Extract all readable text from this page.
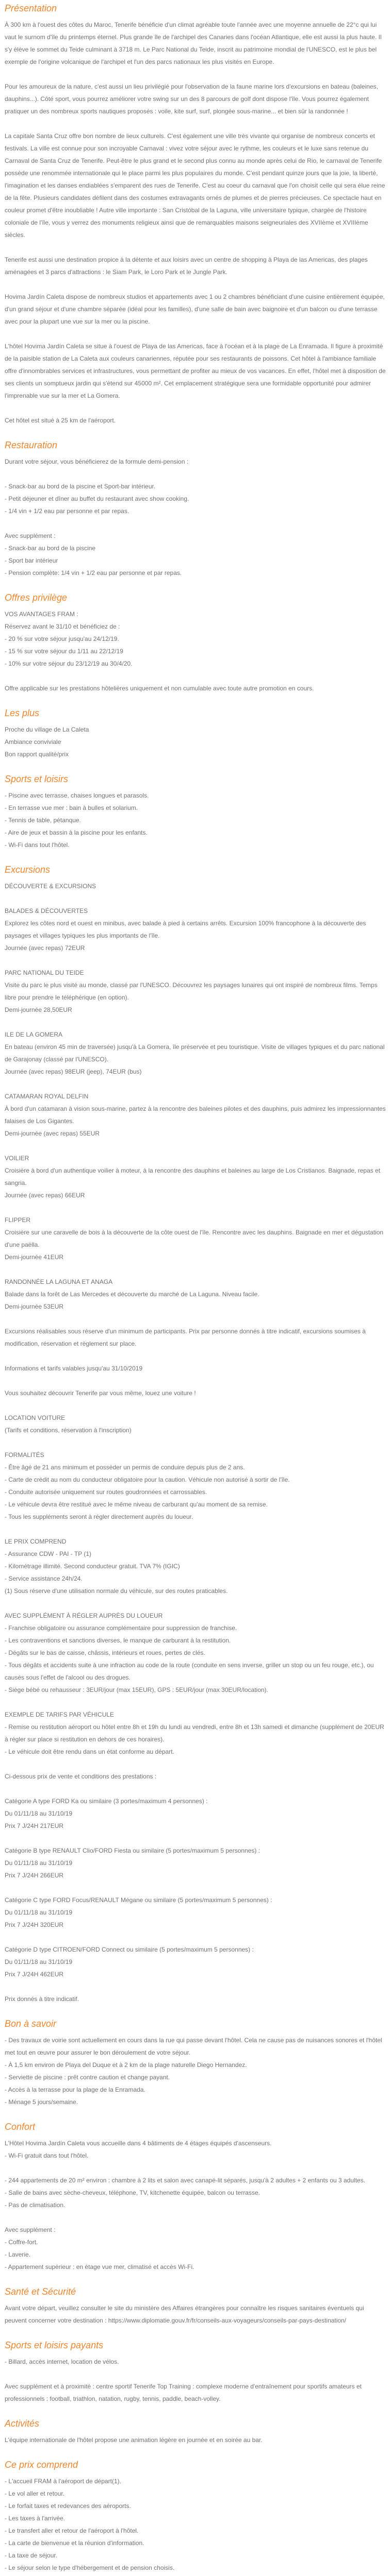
Présentation

À 300 km à l'ouest des côtes du Maroc, Tenerife bénéficie d'un climat agréable toute l'année avec une moyenne annuelle de 22°c qui lui vaut le surnom d'île du printemps éternel. Plus grande île de l'archipel des Canaries dans l'océan Atlantique, elle est aussi la plus haute. Il s'y élève le sommet du Teide culminant à 3718 m. Le Parc National du Teide, inscrit au patrimoine mondial de l'UNESCO, est le plus bel exemple de l'origine volcanique de l'archipel et l'un des parcs nationaux les plus visités en Europe.

Pour les amoureux de la nature, c'est aussi un lieu privilégié pour l'observation de la faune marine lors d'excursions en bateau (baleines, dauphins...). Côté sport, vous pourrez améliorer votre swing sur un des 8 parcours de golf dont dispose l'île. Vous pourrez également pratiquer un des nombreux sports nautiques proposés : voile, kite surf, surf, plongée sous-marine... et bien sûr la randonnée !

La capitale Santa Cruz offre bon nombre de lieux culturels. C'est également une ville très vivante qui organise de nombreux concerts et festivals. La ville est connue pour son incroyable Carnaval : vivez votre séjour avec le rythme, les couleurs et le luxe sans retenue du Carnaval de Santa Cruz de Tenerife. Peut-être le plus grand et le second plus connu au monde après celui de Rio, le carnaval de Tenerife possède une renommée internationale qui le place parmi les plus populaires du monde. C'est pendant quinze jours que la joie, la liberté, l'imagination et les danses endiablées s'emparent des rues de Tenerife. C'est au coeur du carnaval que l'on choisit celle qui sera élue reine de la fête. Plusieurs candidates défilent dans des costumes extravagants ornés de plumes et de pierres précieuses. Ce spectacle haut en couleur promet d'être inoubliable ! Autre ville importante : San Cristóbal de la Laguna, ville universitaire typique, chargée de l'histoire coloniale de l'île, vous y verrez des monuments religieux ainsi que de remarquables maisons seigneuriales des XVIIème et XVIIIème siècles.

Tenerife est aussi une destination propice à la détente et aux loisirs avec un centre de shopping à Playa de las Americas, des plages aménagées et 3 parcs d'attractions : le Siam Park, le Loro Park et le Jungle Park.

Hovima Jardín Caleta dispose de nombreux studios et appartements avec 1 ou 2 chambres bénéficiant d'une cuisine entièrement équipée, d'un grand séjour et d'une chambre séparée (idéal pour les familles), d'une salle de bain avec baignoire et d'un balcon ou d'une terrasse avec pour la plupart une vue sur la mer ou la piscine.

L'hôtel Hovima Jardín Caleta se situe à l'ouest de Playa de las Americas, face à l'océan et à la plage de La Enramada. Il figure à proximité de la paisible station de La Caleta aux couleurs canariennes, réputée pour ses restaurants de poissons. Cet hôtel à l'ambiance familiale offre d'innombrables services et infrastructures, vous permettant de profiter au mieux de vos vacances. En effet, l'hôtel met à disposition de ses clients un somptueux jardin qui s'étend sur 45000 m². Cet emplacement stratégique sera une formidable opportunité pour admirer l'imprenable vue sur la mer et La Gomera.

Cet hôtel est situé à 25 km de l'aéroport.

Restauration

Durant votre séjour, vous bénéficierez de la formule demi-pension :

- Snack-bar au bord de la piscine et Sport-bar intérieur.
- Petit déjeuner et dîner au buffet du restaurant avec show cooking.
- 1/4 vin + 1/2 eau par personne et par repas.

Avec supplément :
- Snack-bar au bord de la piscine
- Sport bar intérieur
- Pension complète: 1/4 vin + 1/2 eau par personne et par repas.

Offres privilège

VOS AVANTAGES FRAM :
Réservez avant le 31/10 et bénéficiez de :
- 20 % sur votre séjour jusqu'au 24/12/19.
- 15 % sur votre séjour du 1/11 au 22/12/19
- 10% sur votre séjour du 23/12/19 au 30/4/20.

Offre applicable sur les prestations hôtelières uniquement et non cumulable avec toute autre promotion en cours.

Les plus

Proche du village de La Caleta
Ambiance conviviale
Bon rapport qualité/prix

Sports et loisirs

- Piscine avec terrasse, chaises longues et parasols.
- En terrasse vue mer : bain à bulles et solarium.
- Tennis de table, pétanque.
- Aire de jeux et bassin à la piscine pour les enfants.
- Wi-Fi dans tout l'hôtel.

Excursions

DÉCOUVERTE & EXCURSIONS

BALADES & DÉCOUVERTES
Explorez les côtes nord et ouest en minibus, avec balade à pied à certains arrêts. Excursion 100% francophone à la découverte des paysages et villages typiques les plus importants de l'île.
Journée (avec repas) 72EUR

PARC NATIONAL DU TEIDE
Visite du parc le plus visité au monde, classé par l'UNESCO. Découvrez les paysages lunaires qui ont inspiré de nombreux films. Temps libre pour prendre le téléphérique (en option).
Demi-journée 28,50EUR

ILE DE LA GOMERA
En bateau (environ 45 min de traversée) jusqu'à La Gomera, île préservée et peu touristique. Visite de villages typiques et du parc national de Garajonay (classé par l'UNESCO).
Journée (avec repas) 98EUR (jeep), 74EUR (bus)

CATAMARAN ROYAL DELFIN
À bord d'un catamaran à vision sous-marine, partez à la rencontre des baleines pilotes et des dauphins, puis admirez les impressionnantes falaises de Los Gigantes.
Demi-journée (avec repas) 55EUR

VOILIER
Croisière à bord d'un authentique voilier à moteur, à la rencontre des dauphins et baleines au large de Los Cristianos. Baignade, repas et sangria.
Journée (avec repas) 66EUR

FLIPPER
Croisière sur une caravelle de bois à la découverte de la côte ouest de l'île. Rencontre avec les dauphins. Baignade en mer et dégustation d'une paëlla.
Demi-journée 41EUR

RANDONNÉE LA LAGUNA ET ANAGA
Balade dans la forêt de Las Mercedes et découverte du marché de La Laguna. Niveau facile.
Demi-journée 53EUR

Excursions réalisables sous réserve d'un minimum de participants. Prix par personne donnés à titre indicatif, excursions soumises à modification, réservation et règlement sur place.

Informations et tarifs valables jusqu'au 31/10/2019

Vous souhaitez découvrir Tenerife par vous même, louez une voiture !

LOCATION VOITURE
(Tarifs et conditions, réservation à l'inscription)

FORMALITÉS
- Être âgé de 21 ans minimum et posséder un permis de conduire depuis plus de 2 ans.
- Carte de crédit au nom du conducteur obligatoire pour la caution. Véhicule non autorisé à sortir de l'île.
- Conduite autorisée uniquement sur routes goudronnées et carrossables.
- Le véhicule devra être restitué avec le même niveau de carburant qu'au moment de sa remise.
- Tous les suppléments seront à régler directement auprès du loueur.

LE PRIX COMPREND
- Assurance CDW - PAI - TP (1)
- Kilométrage illimité. Second conducteur gratuit. TVA 7% (IGIC)
- Service assistance 24h/24.
(1) Sous réserve d'une utilisation normale du véhicule, sur des routes praticables.

AVEC SUPPLÉMENT À RÉGLER AUPRÈS DU LOUEUR
- Franchise obligatoire ou assurance complémentaire pour suppression de franchise.
- Les contraventions et sanctions diverses, le manque de carburant à la restitution.
- Dégâts sur le bas de caisse, châssis, intérieurs et roues, pertes de clés.
- Tous dégâts et accidents suite à une infraction au code de la route (conduite en sens inverse, griller un stop ou un feu rouge, etc.), ou causés sous l'effet de l'alcool ou des drogues.
- Siège bébé ou rehausseur : 3EUR/jour (max 15EUR), GPS : 5EUR/jour (max 30EUR/location).

EXEMPLE DE TARIFS PAR VÉHICULE
- Remise ou restitution aéroport ou hôtel entre 8h et 19h du lundi au vendredi, entre 8h et 13h samedi et dimanche (supplément de 20EUR à régler sur place si restitution en dehors de ces horaires).
- Le véhicule doit être rendu dans un état conforme au départ.

Ci-dessous prix de vente et conditions des prestations :

Catégorie A type FORD Ka ou similaire (3 portes/maximum 4 personnes) :
Du 01/11/18 au 31/10/19
Prix 7 J/24H 217EUR

Catégorie B type RENAULT Clio/FORD Fiesta ou similaire (5 portes/maximum 5 personnes) :
Du 01/11/18 au 31/10/19
Prix 7 J/24H 266EUR

Catégorie C type FORD Focus/RENAULT Mégane ou similaire (5 portes/maximum 5 personnes) :
Du 01/11/18 au 31/10/19
Prix 7 J/24H 320EUR

Catégorie D type CITROEN/FORD Connect ou similaire (5 portes/maximum 5 personnes) :
Du 01/11/18 au 31/10/19
Prix 7 J/24H 462EUR

Prix donnés à titre indicatif.

Bon à savoir

- Des travaux de voirie sont actuellement en cours dans la rue qui passe devant l'hôtel. Cela ne cause pas de nuisances sonores et l'hôtel met tout en œuvre pour assurer le bon déroulement de votre séjour.
- À 1,5 km environ de Playa del Duque et à 2 km de la plage naturelle Diego Hernandez.
- Serviette de piscine : prêt contre caution et change payant.
- Accès à la terrasse pour la plage de la Enramada.
- Ménage 5 jours/semaine.

Confort

L'Hôtel Hovima Jardín Caleta vous accueille dans 4 bâtiments de 4 étages équipés d'ascenseurs.
- Wi-Fi gratuit dans tout l'hôtel.

- 244 appartements de 20 m² environ : chambre à 2 lits et salon avec canapé-lit séparés, jusqu'à 2 adultes + 2 enfants ou 3 adultes.
- Salle de bains avec sèche-cheveux, téléphone, TV, kitchenette équipée, balcon ou terrasse.
- Pas de climatisation.

Avec supplément :
- Coffre-fort.
- Laverie.
- Appartement supérieur : en étage vue mer, climatisé et accès Wi-Fi.

Santé et Sécurité

Avant votre départ, veuillez consulter le site du ministère des Affaires étrangères pour connaître les risques sanitaires éventuels qui peuvent concerner votre destination : https://www.diplomatie.gouv.fr/fr/conseils-aux-voyageurs/conseils-par-pays-destination/

Sports et loisirs payants

- Billard, accès internet, location de vélos.

Avec supplément et à proximité : centre sportif Tenerife Top Training : complexe moderne d'entraînement pour sportifs amateurs et professionnels : football, triathlon, natation, rugby, tennis, paddle, beach-volley.

Activités

L'équipe internationale de l'hôtel propose une animation légère en journée et en soirée au bar.

Ce prix comprend

- L'accueil FRAM à l'aéroport de départ(1).
- Le vol aller et retour.
- Le forfait taxes et redevances des aéroports.
- Les taxes à l'arrivée.
- Le transfert aller et retour de l'aéroport à l'hôtel.
- La carte de bienvenue et la réunion d'information.
- La taxe de séjour.
- Le séjour selon le type d'hébergement et de pension choisis.
